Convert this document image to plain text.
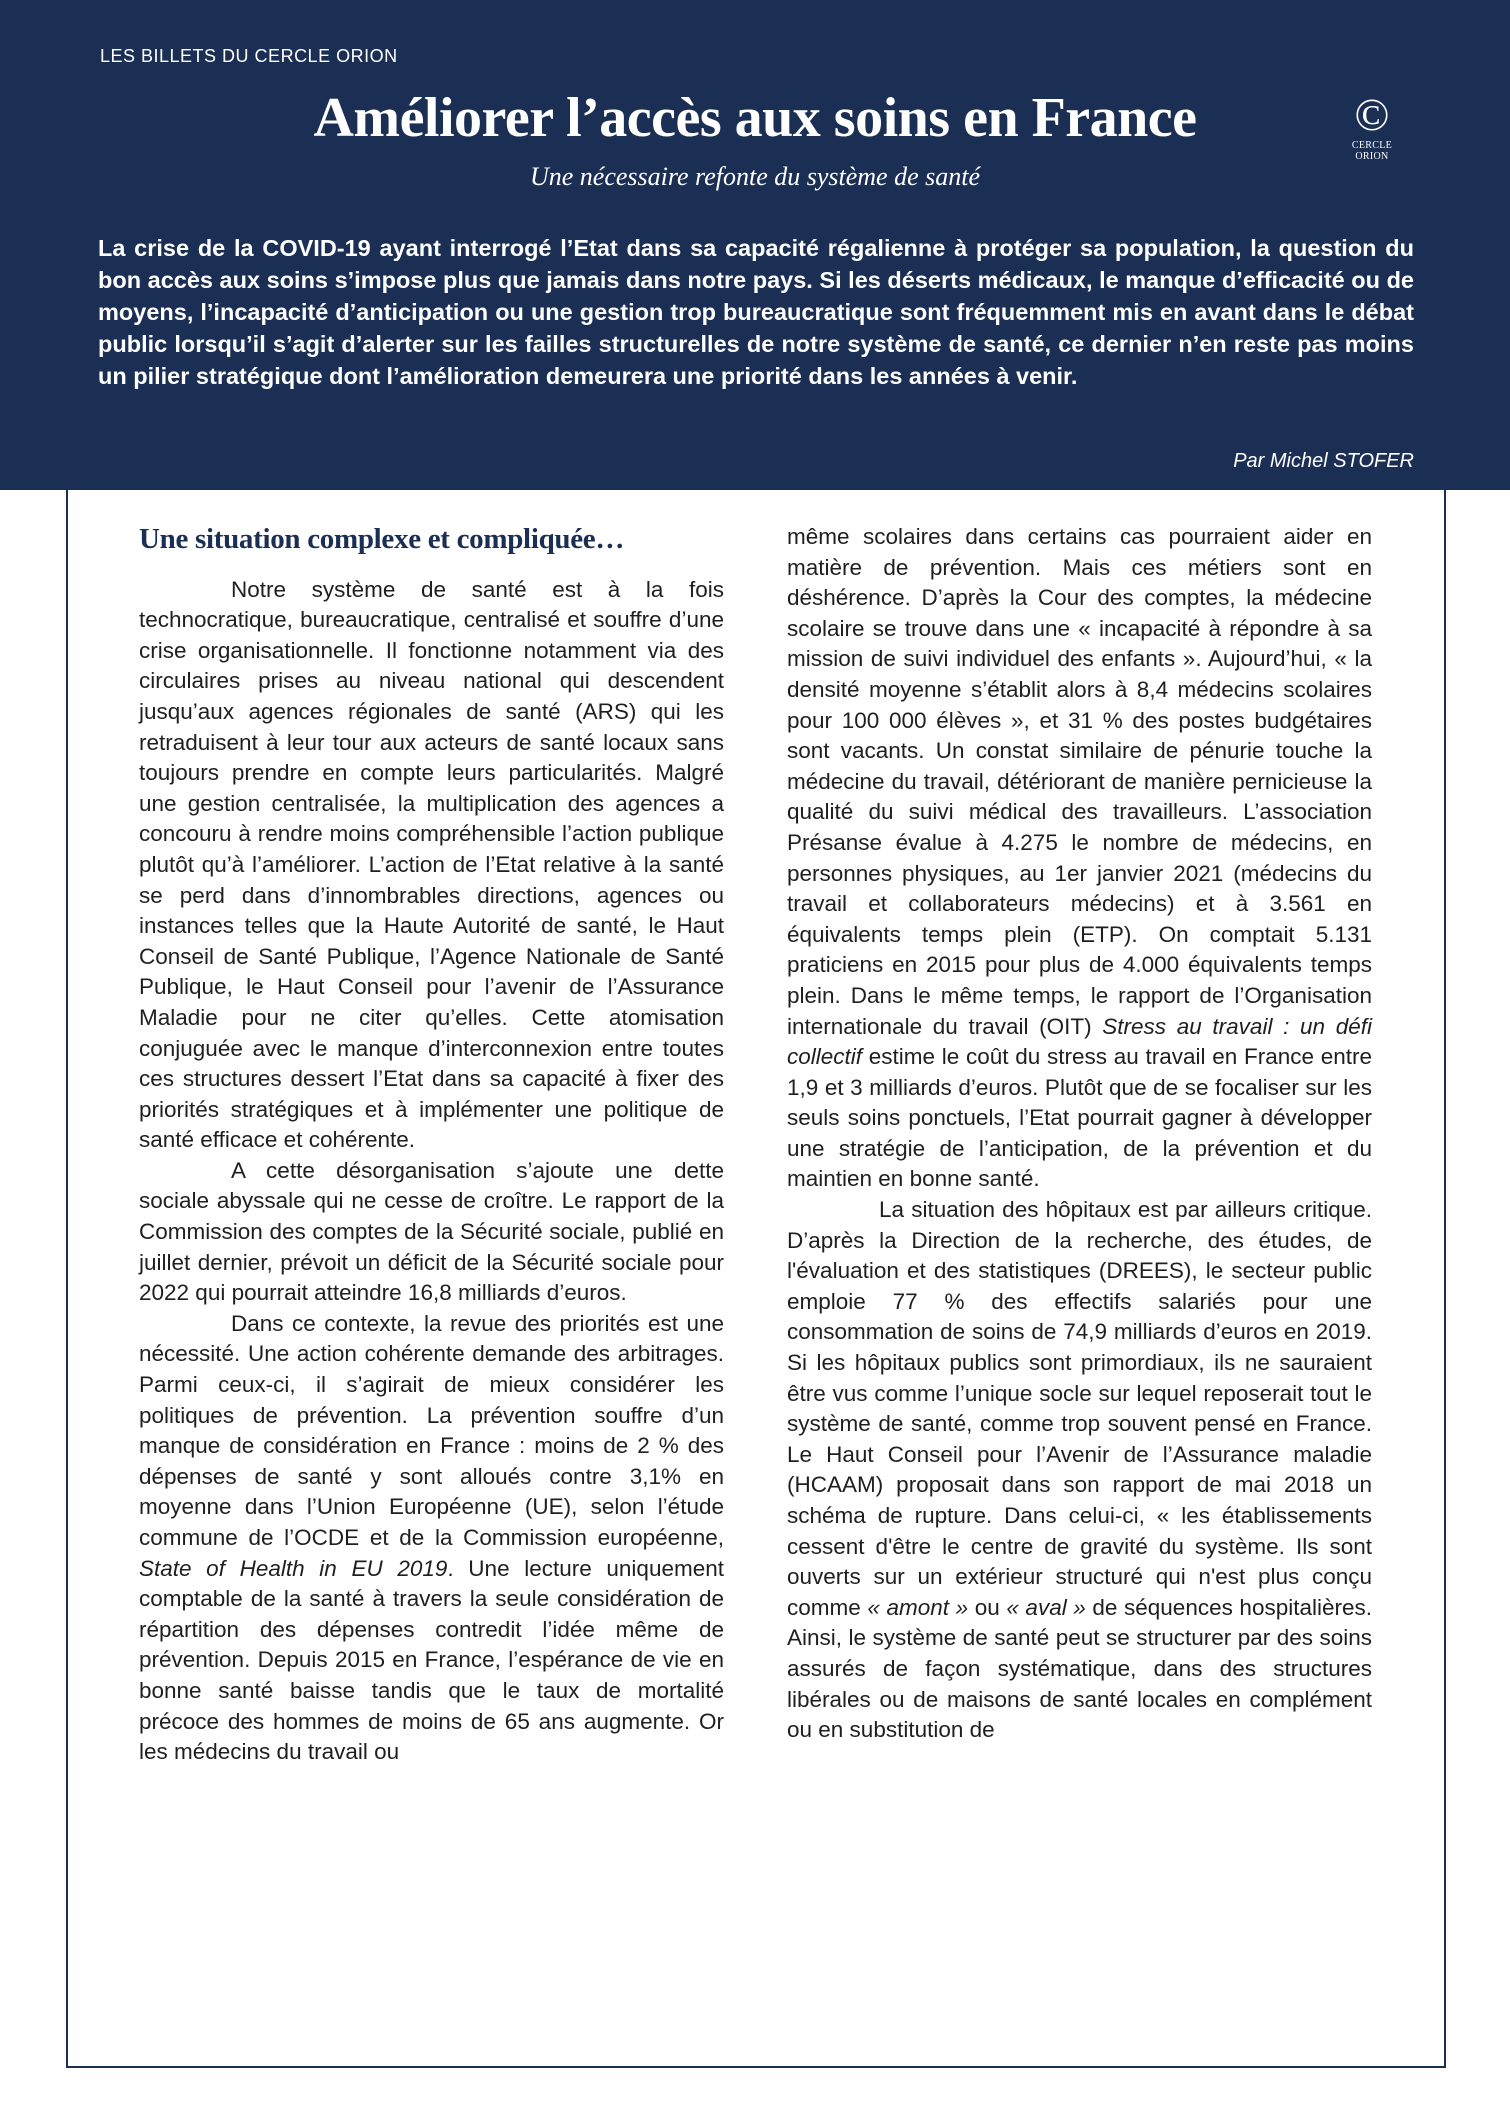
Améliorer l’accès aux soins en France
Une nécessaire refonte du système de santé
©
CERCLE ORION

La crise de la COVID-19 ayant interrogé l’Etat dans sa capacité régalienne à protéger sa population, la question du bon accès aux soins s’impose plus que jamais dans notre pays. Si les déserts médicaux, le manque d’efficacité ou de moyens, l’incapacité d’anticipation ou une gestion trop bureaucratique sont fréquemment mis en avant dans le débat public lorsqu’il s’agit d’alerter sur les failles structurelles de notre système de santé, ce dernier n’en reste pas moins un pilier stratégique dont l’amélioration demeurera une priorité dans les années à venir.

Par Michel STOFER
LES BILLETS DU CERCLE ORION
Une situation complexe et compliquée…

Notre système de santé est à la fois technocratique, bureaucratique, centralisé et souffre d’une crise organisationnelle. Il fonctionne notamment via des circulaires prises au niveau national qui descendent jusqu’aux agences régionales de santé (ARS) qui les retraduisent à leur tour aux acteurs de santé locaux sans toujours prendre en compte leurs particularités. Malgré une gestion centralisée, la multiplication des agences a concouru à rendre moins compréhensible l’action publique plutôt qu’à l’améliorer. L’action de l’Etat relative à la santé se perd dans d’innombrables directions, agences ou instances telles que la Haute Autorité de santé, le Haut Conseil de Santé Publique, l’Agence Nationale de Santé Publique, le Haut Conseil pour l’avenir de l’Assurance Maladie pour ne citer qu’elles. Cette atomisation conjuguée avec le manque d’interconnexion entre toutes ces structures dessert l’Etat dans sa capacité à fixer des priorités stratégiques et à implémenter une politique de santé efficace et cohérente.

A cette désorganisation s’ajoute une dette sociale abyssale qui ne cesse de croître. Le rapport de la Commission des comptes de la Sécurité sociale, publié en juillet dernier, prévoit un déficit de la Sécurité sociale pour 2022 qui pourrait atteindre 16,8 milliards d’euros.

Dans ce contexte, la revue des priorités est une nécessité. Une action cohérente demande des arbitrages. Parmi ceux-ci, il s’agirait de mieux considérer les politiques de prévention. La prévention souffre d’un manque de considération en France : moins de 2 % des dépenses de santé y sont alloués contre 3,1% en moyenne dans l’Union Européenne (UE), selon l’étude commune de l’OCDE et de la Commission européenne, State of Health in EU 2019. Une lecture uniquement comptable de la santé à travers la seule considération de répartition des dépenses contredit l’idée même de prévention. Depuis 2015 en France, l’espérance de vie en bonne santé baisse tandis que le taux de mortalité précoce des hommes de moins de 65 ans augmente. Or les médecins du travail ou

même scolaires dans certains cas pourraient aider en matière de prévention. Mais ces métiers sont en déshérence. D’après la Cour des comptes, la médecine scolaire se trouve dans une « incapacité à répondre à sa mission de suivi individuel des enfants ». Aujourd’hui, « la densité moyenne s’établit alors à 8,4 médecins scolaires pour 100 000 élèves », et 31 % des postes budgétaires sont vacants. Un constat similaire de pénurie touche la médecine du travail, détériorant de manière pernicieuse la qualité du suivi médical des travailleurs. L’association Présanse évalue à 4.275 le nombre de médecins, en personnes physiques, au 1er janvier 2021 (médecins du travail et collaborateurs médecins) et à 3.561 en équivalents temps plein (ETP). On comptait 5.131 praticiens en 2015 pour plus de 4.000 équivalents temps plein. Dans le même temps, le rapport de l’Organisation internationale du travail (OIT) Stress au travail : un défi collectif estime le coût du stress au travail en France entre 1,9 et 3 milliards d’euros. Plutôt que de se focaliser sur les seuls soins ponctuels, l’Etat pourrait gagner à développer une stratégie de l’anticipation, de la prévention et du maintien en bonne santé.

La situation des hôpitaux est par ailleurs critique. D’après la Direction de la recherche, des études, de l'évaluation et des statistiques (DREES), le secteur public emploie 77 % des effectifs salariés pour une consommation de soins de 74,9 milliards d’euros en 2019. Si les hôpitaux publics sont primordiaux, ils ne sauraient être vus comme l’unique socle sur lequel reposerait tout le système de santé, comme trop souvent pensé en France. Le Haut Conseil pour l’Avenir de l’Assurance maladie (HCAAM) proposait dans son rapport de mai 2018 un schéma de rupture. Dans celui-ci, « les établissements cessent d'être le centre de gravité du système. Ils sont ouverts sur un extérieur structuré qui n'est plus conçu comme « amont » ou « aval » de séquences hospitalières. Ainsi, le système de santé peut se structurer par des soins assurés de façon systématique, dans des structures libérales ou de maisons de santé locales en complément ou en substitution de
